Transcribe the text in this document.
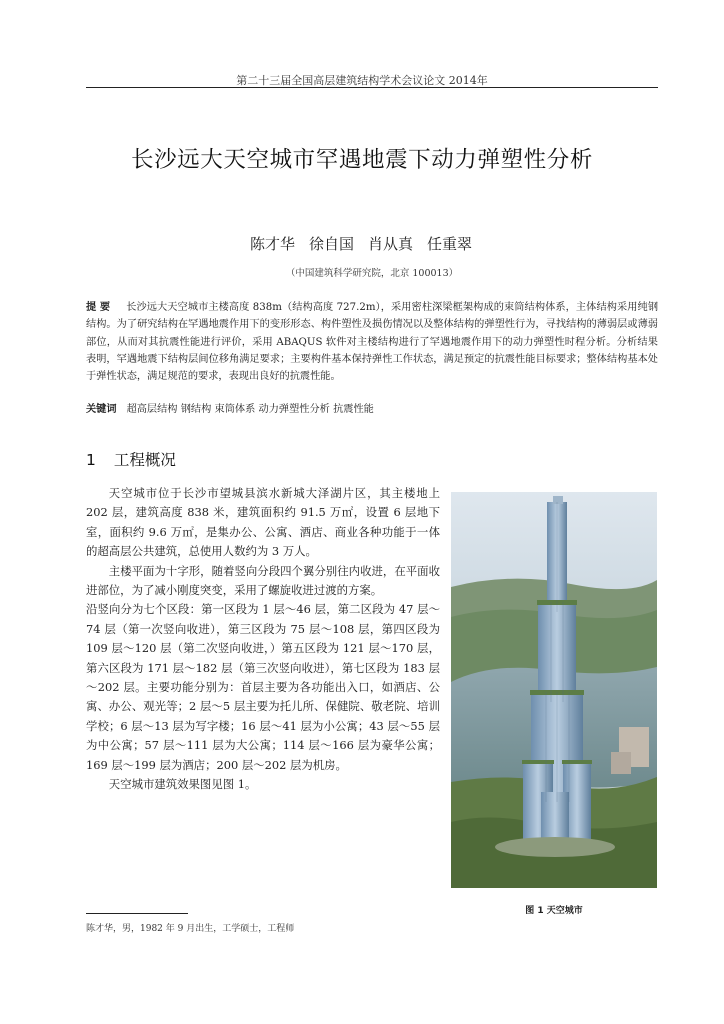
第二十三届全国高层建筑结构学术会议论文 2014年
长沙远大天空城市罕遇地震下动力弹塑性分析
陈才华 徐自国 肖从真 任重翠
（中国建筑科学研究院，北京 100013）
提 要 长沙远大天空城市主楼高度 838m（结构高度 727.2m），采用密柱深梁框架构成的束筒结构体系，主体结构采用纯钢结构。为了研究结构在罕遇地震作用下的变形形态、构件塑性及损伤情况以及整体结构的弹塑性行为，寻找结构的薄弱层或薄弱部位，从而对其抗震性能进行评价，采用 ABAQUS 软件对主楼结构进行了罕遇地震作用下的动力弹塑性时程分析。分析结果表明，罕遇地震下结构层间位移角满足要求；主要构件基本保持弹性工作状态，满足预定的抗震性能目标要求；整体结构基本处于弹性状态，满足规范的要求，表现出良好的抗震性能。
关键词 超高层结构 钢结构 束筒体系 动力弹塑性分析 抗震性能
1 工程概况

天空城市位于长沙市望城县滨水新城大泽湖片区，其主楼地上 202 层，建筑高度 838 米，建筑面积约 91.5 万㎡，设置 6 层地下室，面积约 9.6 万㎡，是集办公、公寓、酒店、商业各种功能于一体的超高层公共建筑，总使用人数约为 3 万人。

主楼平面为十字形，随着竖向分段四个翼分别往内收进，在平面收进部位，为了减小刚度突变，采用了螺旋收进过渡的方案。

沿竖向分为七个区段：第一区段为 1 层～46 层，第二区段为 47 层～74 层（第一次竖向收进），第三区段为 75 层～108 层，第四区段为 109 层～120 层（第二次竖向收进，）第五区段为 121 层～170 层，第六区段为 171 层～182 层（第三次竖向收进），第七区段为 183 层～202 层。主要功能分别为：首层主要为各功能出入口，如酒店、公寓、办公、观光等；2 层～5 层主要为托儿所、保健院、敬老院、培训学校；6 层～13 层为写字楼；16 层～41 层为小公寓；43 层～55 层为中公寓；57 层～111 层为大公寓；114 层～166 层为豪华公寓；169 层～199 层为酒店；200 层～202 层为机房。

天空城市建筑效果图见图 1。

图 1 天空城市
陈才华，男，1982 年 9 月出生，工学硕士，工程师
